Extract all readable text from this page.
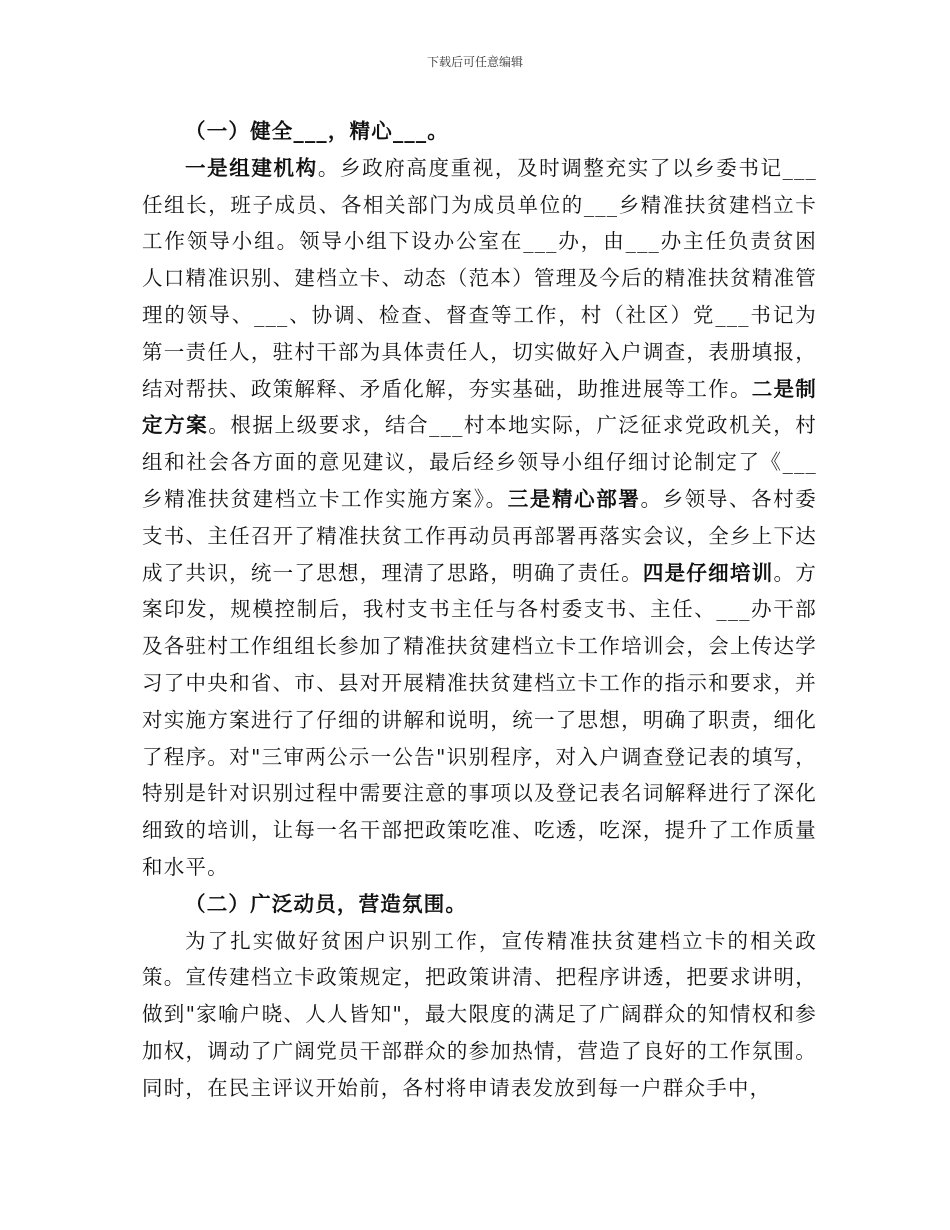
下载后可任意编辑

（一）健全___，精心___。

一是组建机构。乡政府高度重视，及时调整充实了以乡委书记___任组长，班子成员、各相关部门为成员单位的___乡精准扶贫建档立卡工作领导小组。领导小组下设办公室在___办，由___办主任负责贫困人口精准识别、建档立卡、动态（范本）管理及今后的精准扶贫精准管理的领导、___、协调、检查、督查等工作，村（社区）党___书记为第一责任人，驻村干部为具体责任人，切实做好入户调查，表册填报，结对帮扶、政策解释、矛盾化解，夯实基础，助推进展等工作。二是制定方案。根据上级要求，结合___村本地实际，广泛征求党政机关，村组和社会各方面的意见建议，最后经乡领导小组仔细讨论制定了《___乡精准扶贫建档立卡工作实施方案》。三是精心部署。乡领导、各村委支书、主任召开了精准扶贫工作再动员再部署再落实会议，全乡上下达成了共识，统一了思想，理清了思路，明确了责任。四是仔细培训。方案印发，规模控制后，我村支书主任与各村委支书、主任、___办干部及各驻村工作组组长参加了精准扶贫建档立卡工作培训会，会上传达学习了中央和省、市、县对开展精准扶贫建档立卡工作的指示和要求，并对实施方案进行了仔细的讲解和说明，统一了思想，明确了职责，细化了程序。对"三审两公示一公告"识别程序，对入户调查登记表的填写，特别是针对识别过程中需要注意的事项以及登记表名词解释进行了深化细致的培训，让每一名干部把政策吃准、吃透，吃深，提升了工作质量和水平。

（二）广泛动员，营造氛围。

为了扎实做好贫困户识别工作，宣传精准扶贫建档立卡的相关政策。宣传建档立卡政策规定，把政策讲清、把程序讲透，把要求讲明，做到"家喻户晓、人人皆知"，最大限度的满足了广阔群众的知情权和参加权，调动了广阔党员干部群众的参加热情，营造了良好的工作氛围。同时，在民主评议开始前，各村将申请表发放到每一户群众手中，
